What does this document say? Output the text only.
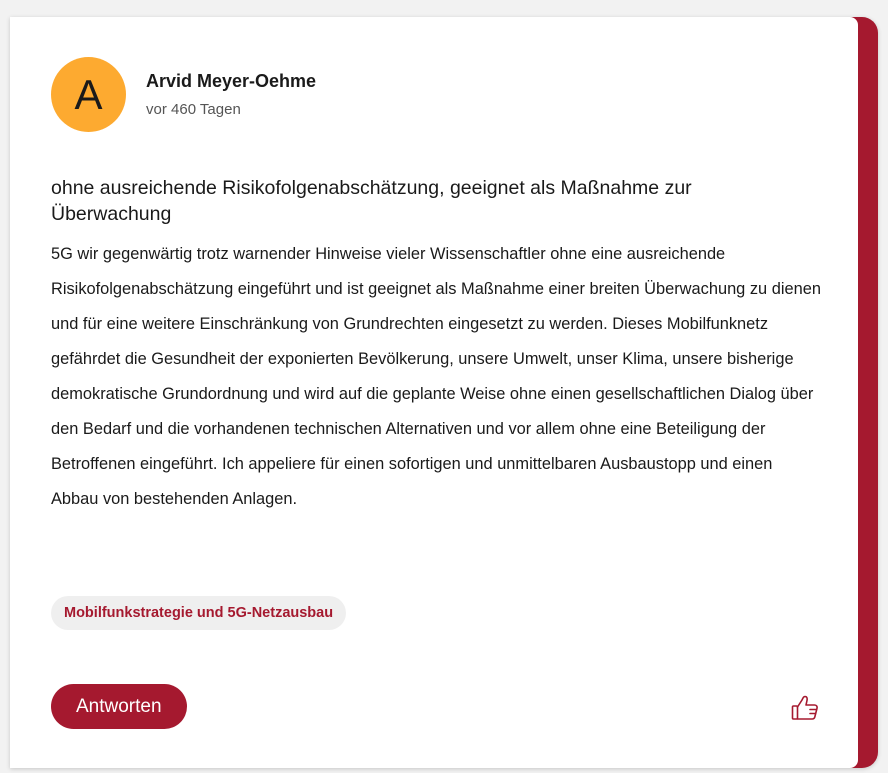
A Arvid Meyer-Oehme
vor 460 Tagen
ohne ausreichende Risikofolgenabschätzung, geeignet als Maßnahme zur Überwachung

5G wir gegenwärtig trotz warnender Hinweise vieler Wissenschaftler ohne eine ausreichende Risikofolgenabschätzung eingeführt und ist geeignet als Maßnahme einer breiten Überwachung zu dienen und für eine weitere Einschränkung von Grundrechten eingesetzt zu werden. Dieses Mobilfunknetz gefährdet die Gesundheit der exponierten Bevölkerung, unsere Umwelt, unser Klima, unsere bisherige demokratische Grundordnung und wird auf die geplante Weise ohne einen gesellschaftlichen Dialog über den Bedarf und die vorhandenen technischen Alternativen und vor allem ohne eine Beteiligung der Betroffenen eingeführt. Ich appeliere für einen sofortigen und unmittelbaren Ausbaustopp und einen Abbau von bestehenden Anlagen.

Mobilfunkstrategie und 5G-Netzausbau
Antworten
